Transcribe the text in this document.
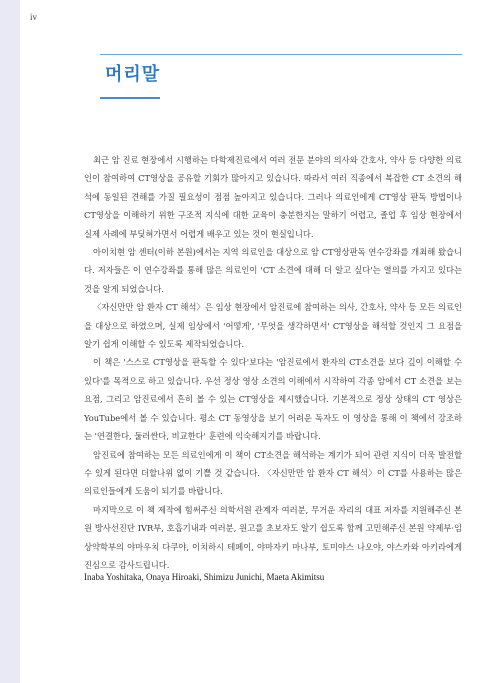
iv
머리말

최근 암 진료 현장에서 시행하는 다학제진료에서 여러 전문 분야의 의사와 간호사, 약사 등 다양한 의료인이 참여하여 CT영상을 공유할 기회가 많아지고 있습니다. 따라서 여러 직종에서 복잡한 CT 소견의 해석에 동일된 견해를 가질 필요성이 점점 높아지고 있습니다. 그러나 의료인에게 CT영상 판독 방법이나 CT영상을 이해하기 위한 구조적 지식에 대한 교육이 충분한지는 말하기 어렵고, 졸업 후 임상 현장에서 실제 사례에 부딪혀가면서 어렵게 배우고 있는 것이 현실입니다.

아이치현 암 센터(이하 본원)에서는 지역 의료인을 대상으로 암 CT영상판독 연수강좌를 개최해 왔습니다. 저자들은 이 연수강좌를 통해 많은 의료인이 'CT 소견에 대해 더 알고 싶다'는 열의를 가지고 있다는 것을 알게 되었습니다.

〈자신만만 암 환자 CT 해석〉은 임상 현장에서 암진료에 참여하는 의사, 간호사, 약사 등 모든 의료인을 대상으로 하였으며, 실제 임상에서 '어떻게', '무엇을 생각하면서' CT영상을 해석할 것인지 그 요점을 알기 쉽게 이해할 수 있도록 제작되었습니다.

이 책은 '스스로 CT영상을 판독할 수 있다'보다는 '암진료에서 환자의 CT소견을 보다 깊이 이해할 수 있다'를 목적으로 하고 있습니다. 우선 정상 영상 소견의 이해에서 시작하여 각종 암에서 CT 소견을 보는 요점, 그리고 암진료에서 흔히 볼 수 있는 CT영상을 제시했습니다. 기본적으로 정상 상태의 CT 영상은 YouTube에서 볼 수 있습니다. 평소 CT 동영상을 보기 어려운 독자도 이 영상을 통해 이 책에서 강조하는 '연결한다, 둘러싼다, 비교한다' 훈련에 익숙해지기를 바랍니다.

암진료에 참여하는 모든 의료인에게 이 책이 CT소견을 해석하는 계기가 되어 관련 지식이 더욱 발전할 수 있게 된다면 더할나위 없이 기쁠 것 같습니다. 〈자신만만 암 환자 CT 해석〉이 CT를 사용하는 많은 의료인들에게 도움이 되기를 바랍니다.

마지막으로 이 책 제작에 힘써주신 의학서원 관계자 여러분, 무거운 자리의 대표 저자를 지원해주신 본원 방사선진단 IVR부, 호흡기내과 여러분, 원고를 초보자도 알기 쉽도록 함께 고민해주신 본원 약제부·임상약학부의 야마우치 다쿠야, 이치하시 테페이, 야마자키 마나부, 토미야스 나오야, 야스카와 아키라에게 진심으로 감사드립니다.

Inaba Yoshitaka, Onaya Hiroaki, Shimizu Junichi, Maeta Akimitsu
